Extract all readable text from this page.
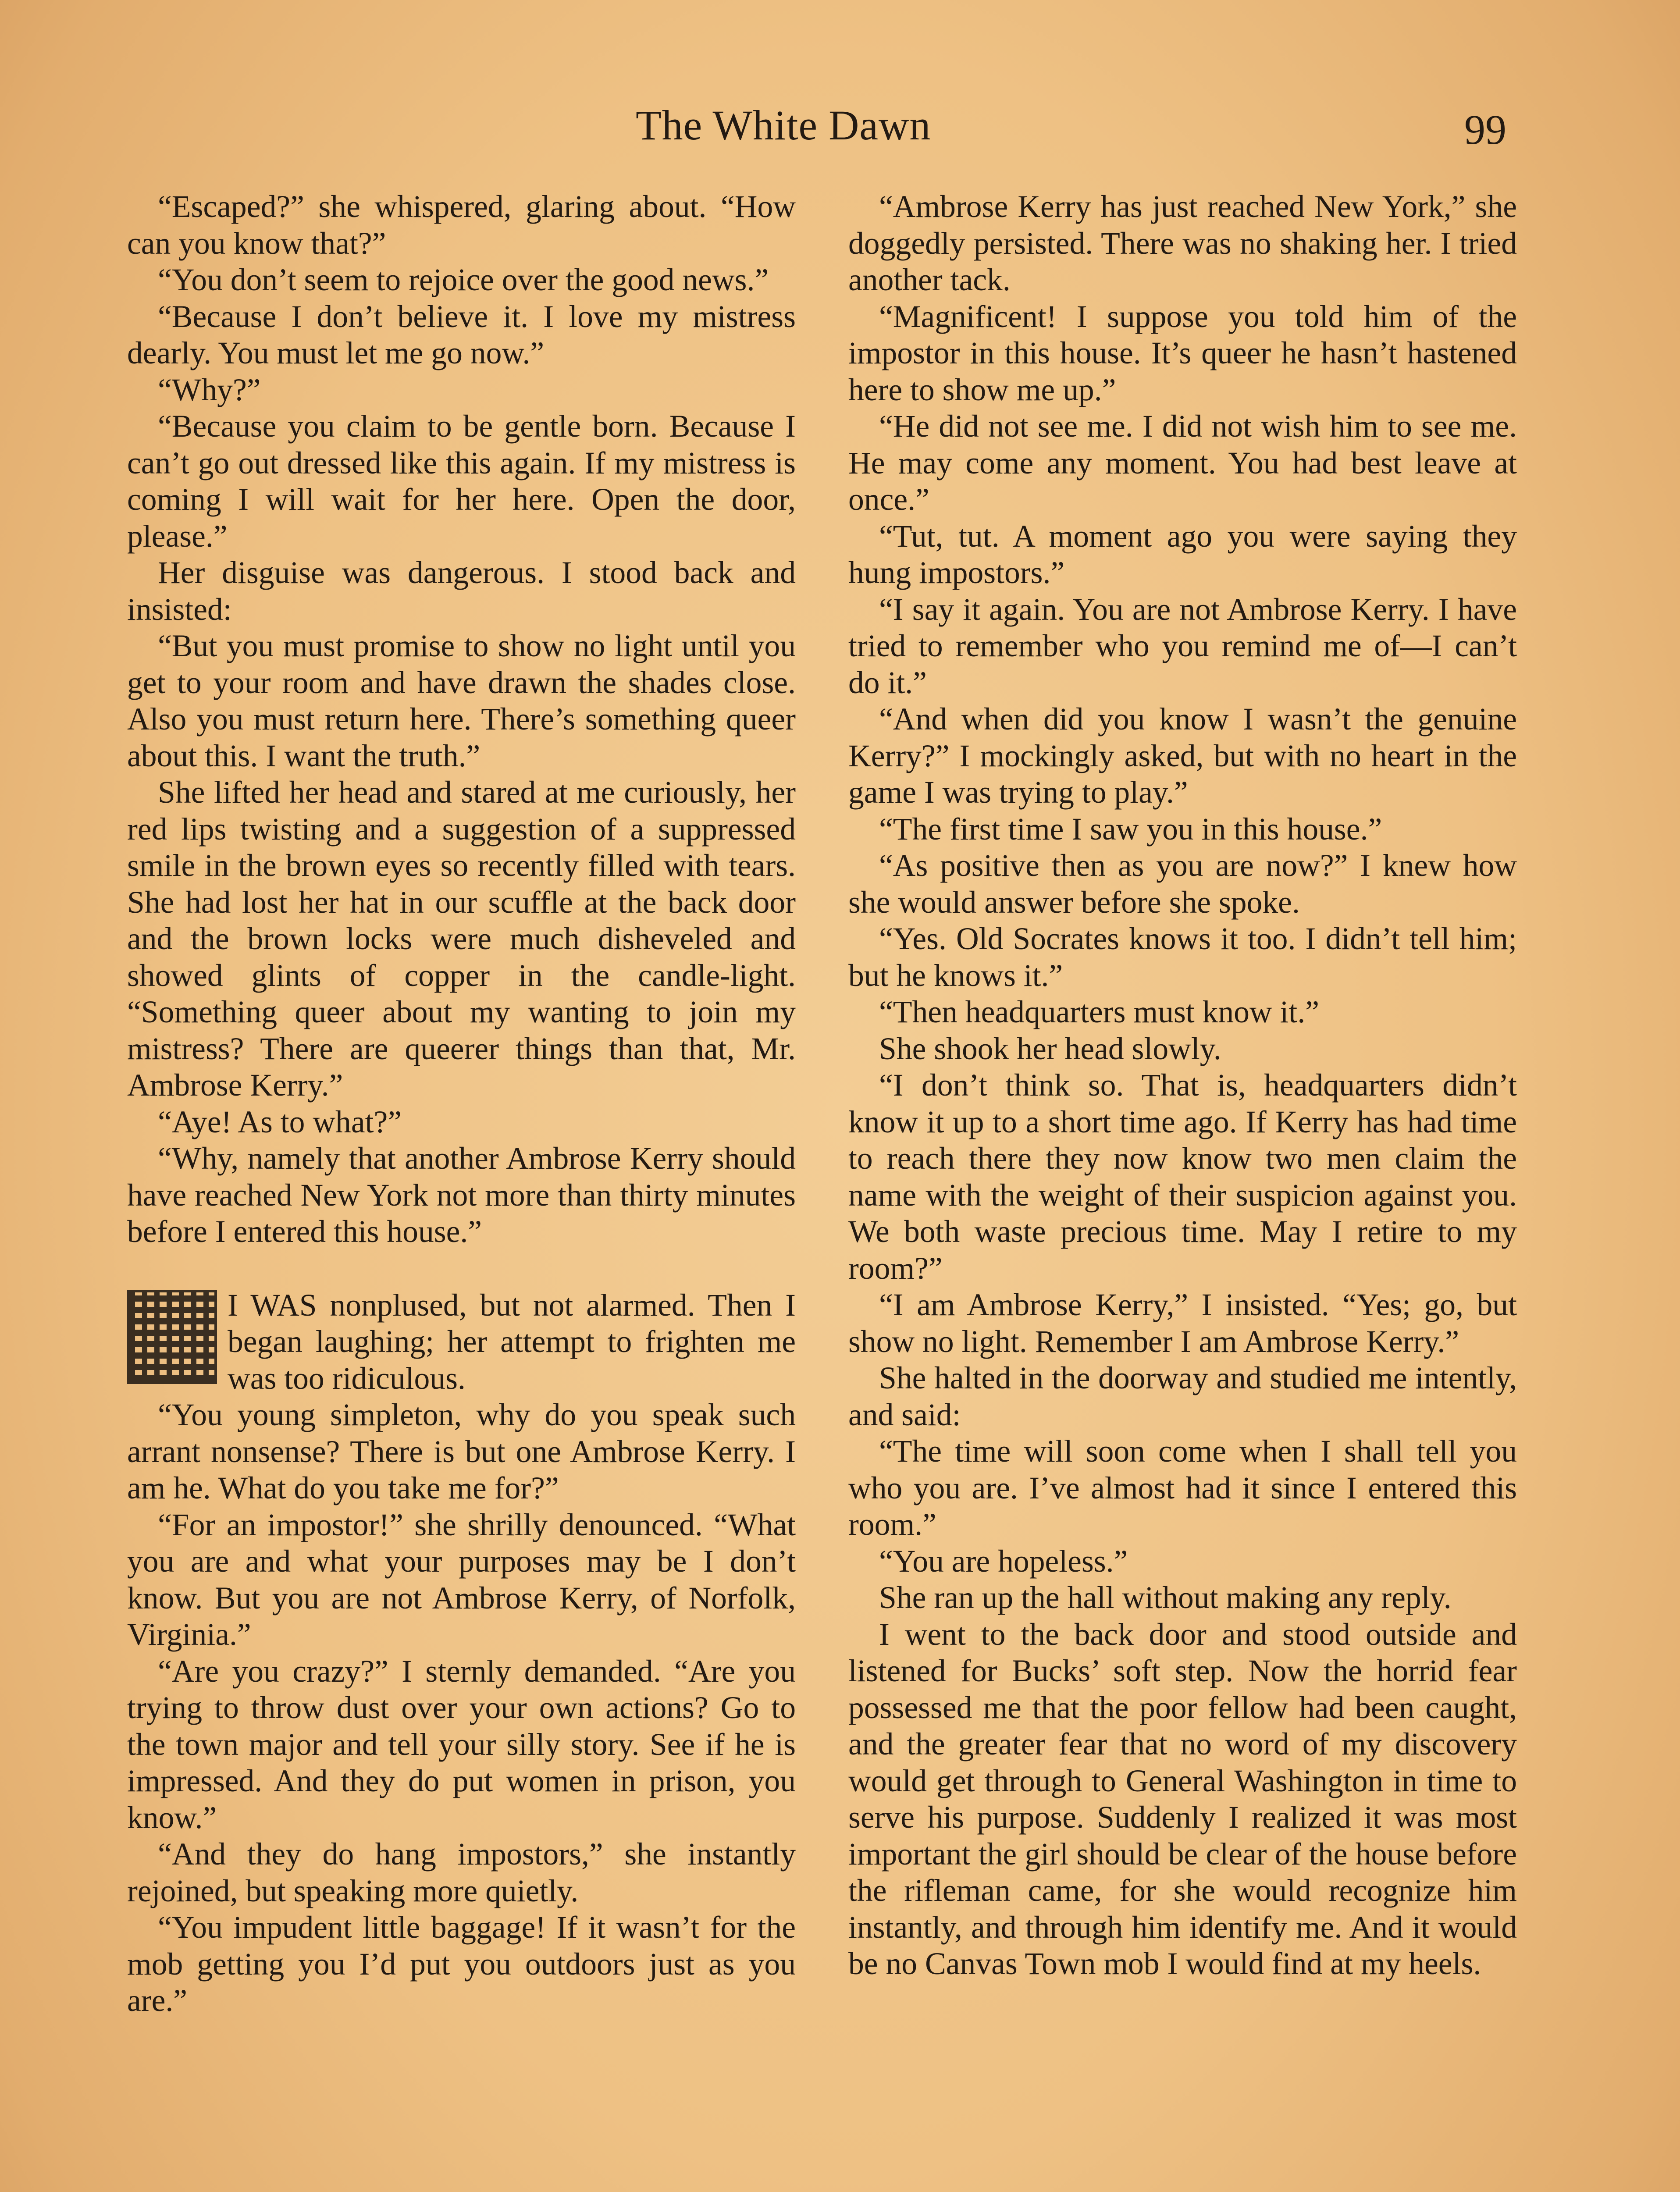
The White Dawn	99

“Escaped?” she whispered, glaring about. “How can you know that?”

“You don’t seem to rejoice over the good news.”

“Because I don’t believe it. I love my mistress dearly. You must let me go now.”

“Why?”

“Because you claim to be gentle born. Because I can’t go out dressed like this again. If my mistress is coming I will wait for her here. Open the door, please.”

Her disguise was dangerous. I stood back and insisted:

“But you must promise to show no light until you get to your room and have drawn the shades close. Also you must return here. There’s something queer about this. I want the truth.”

She lifted her head and stared at me curiously, her red lips twisting and a suggestion of a suppressed smile in the brown eyes so recently filled with tears. She had lost her hat in our scuffle at the back door and the brown locks were much disheveled and showed glints of copper in the candle-light. “Something queer about my wanting to join my mistress? There are queerer things than that, Mr. Ambrose Kerry.”

“Aye! As to what?”

“Why, namely that another Ambrose Kerry should have reached New York not more than thirty minutes before I entered this house.”

I WAS nonplused, but not alarmed. Then I began laughing; her attempt to frighten me was too ridiculous.

“You young simpleton, why do you speak such arrant nonsense? There is but one Ambrose Kerry. I am he. What do you take me for?”

“For an impostor!” she shrilly denounced. “What you are and what your purposes may be I don’t know. But you are not Ambrose Kerry, of Norfolk, Virginia.”

“Are you crazy?” I sternly demanded. “Are you trying to throw dust over your own actions? Go to the town major and tell your silly story. See if he is impressed. And they do put women in prison, you know.”

“And they do hang impostors,” she instantly rejoined, but speaking more quietly.

“You impudent little baggage! If it wasn’t for the mob getting you I’d put you outdoors just as you are.”

“Ambrose Kerry has just reached New York,” she doggedly persisted. There was no shaking her. I tried another tack.

“Magnificent! I suppose you told him of the impostor in this house. It’s queer he hasn’t hastened here to show me up.”

“He did not see me. I did not wish him to see me. He may come any moment. You had best leave at once.”

“Tut, tut. A moment ago you were saying they hung impostors.”

“I say it again. You are not Ambrose Kerry. I have tried to remember who you remind me of—I can’t do it.”

“And when did you know I wasn’t the genuine Kerry?” I mockingly asked, but with no heart in the game I was trying to play.”

“The first time I saw you in this house.”

“As positive then as you are now?” I knew how she would answer before she spoke.

“Yes. Old Socrates knows it too. I didn’t tell him; but he knows it.”

“Then headquarters must know it.”

She shook her head slowly.

“I don’t think so. That is, headquarters didn’t know it up to a short time ago. If Kerry has had time to reach there they now know two men claim the name with the weight of their suspicion against you. We both waste precious time. May I retire to my room?”

“I am Ambrose Kerry,” I insisted. “Yes; go, but show no light. Remember I am Ambrose Kerry.”

She halted in the doorway and studied me intently, and said:

“The time will soon come when I shall tell you who you are. I’ve almost had it since I entered this room.”

“You are hopeless.”

She ran up the hall without making any reply.

I went to the back door and stood outside and listened for Bucks’ soft step. Now the horrid fear possessed me that the poor fellow had been caught, and the greater fear that no word of my discovery would get through to General Washington in time to serve his purpose. Suddenly I realized it was most important the girl should be clear of the house before the rifleman came, for she would recognize him instantly, and through him identify me. And it would be no Canvas Town mob I would find at my heels.
